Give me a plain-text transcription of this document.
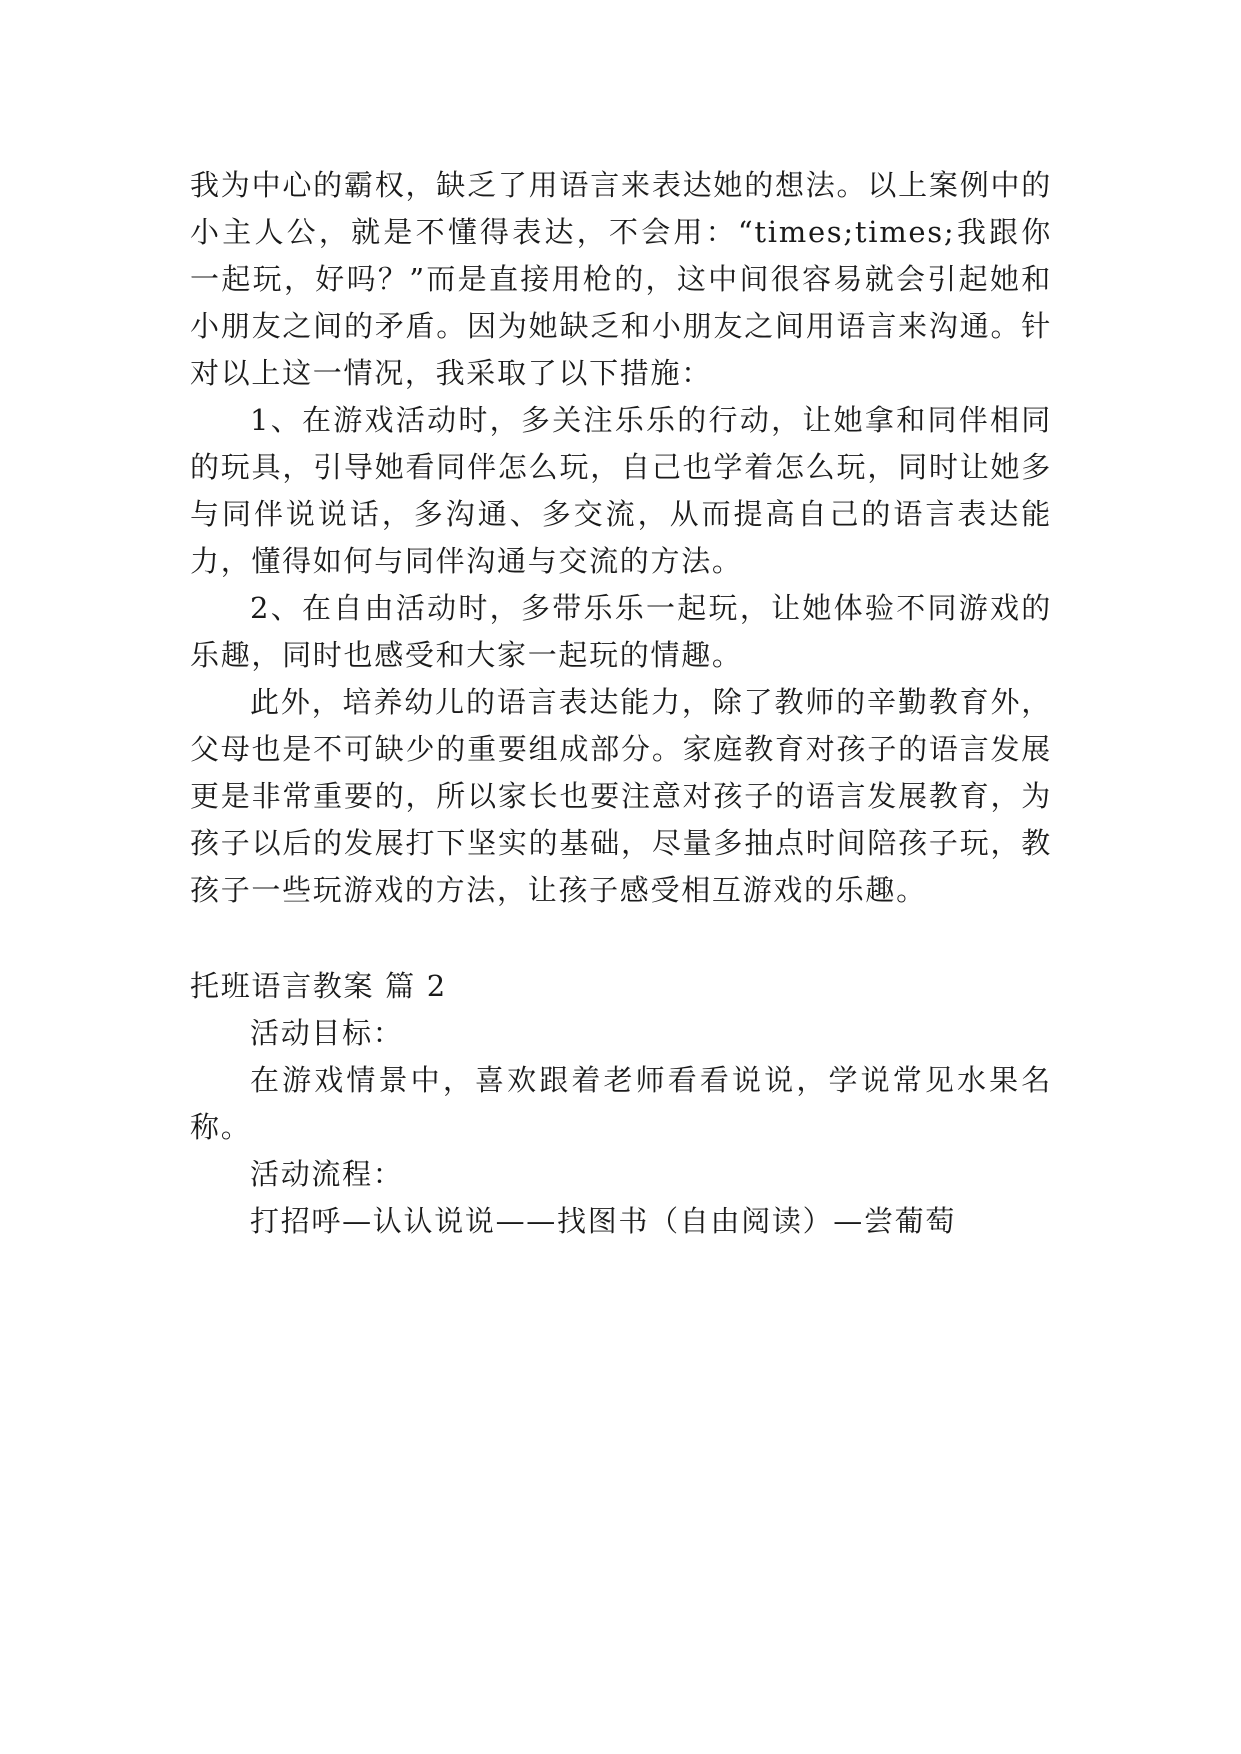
我为中心的霸权，缺乏了用语言来表达她的想法。以上案例中的小主人公，就是不懂得表达，不会用：“times;times;我跟你一起玩，好吗？”而是直接用枪的，这中间很容易就会引起她和小朋友之间的矛盾。因为她缺乏和小朋友之间用语言来沟通。针对以上这一情况，我采取了以下措施：

1、在游戏活动时，多关注乐乐的行动，让她拿和同伴相同的玩具，引导她看同伴怎么玩，自己也学着怎么玩，同时让她多与同伴说说话，多沟通、多交流，从而提高自己的语言表达能力，懂得如何与同伴沟通与交流的方法。

2、在自由活动时，多带乐乐一起玩，让她体验不同游戏的乐趣，同时也感受和大家一起玩的情趣。

此外，培养幼儿的语言表达能力，除了教师的辛勤教育外，父母也是不可缺少的重要组成部分。家庭教育对孩子的语言发展更是非常重要的，所以家长也要注意对孩子的语言发展教育，为孩子以后的发展打下坚实的基础，尽量多抽点时间陪孩子玩，教孩子一些玩游戏的方法，让孩子感受相互游戏的乐趣。

托班语言教案 篇 2

活动目标：

在游戏情景中，喜欢跟着老师看看说说，学说常见水果名称。

活动流程：

打招呼—认认说说——找图书（自由阅读）—尝葡萄
